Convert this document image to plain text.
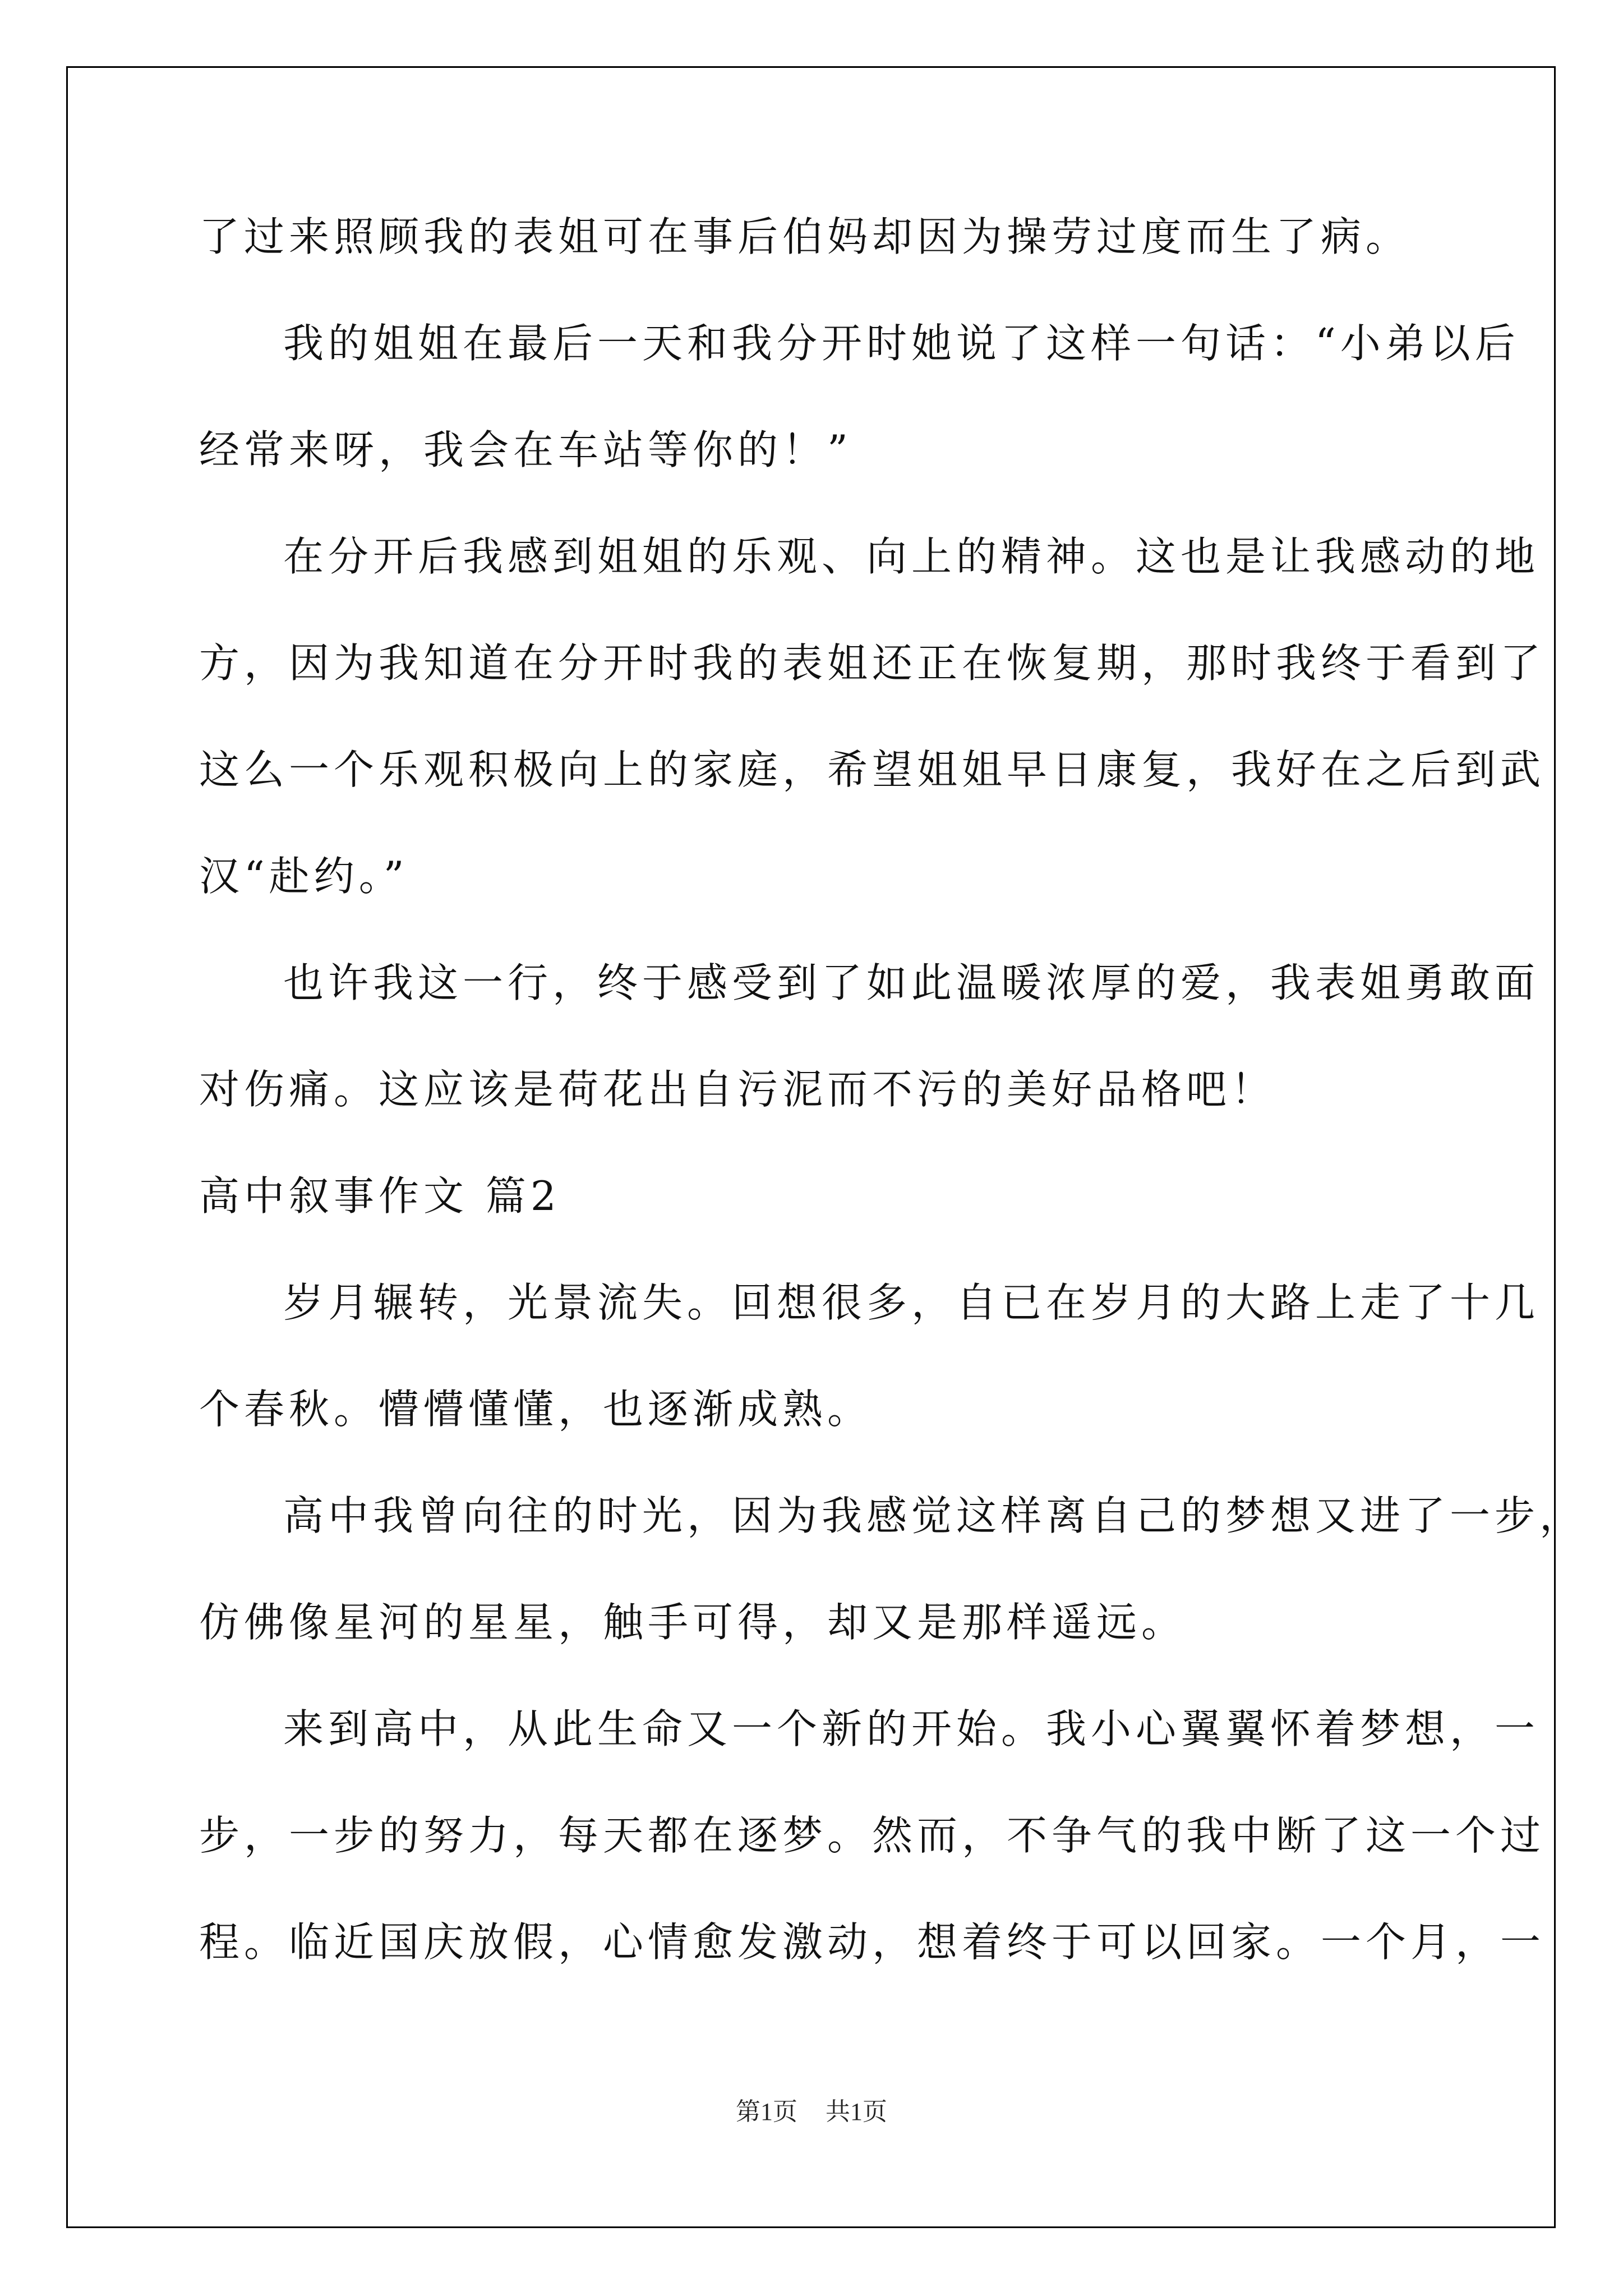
了过来照顾我的表姐可在事后伯妈却因为操劳过度而生了病。
我的姐姐在最后一天和我分开时她说了这样一句话：“小弟以后
经常来呀，我会在车站等你的！”
在分开后我感到姐姐的乐观、向上的精神。这也是让我感动的地
方，因为我知道在分开时我的表姐还正在恢复期，那时我终于看到了
这么一个乐观积极向上的家庭，希望姐姐早日康复，我好在之后到武
汉“赴约。”
也许我这一行，终于感受到了如此温暖浓厚的爱，我表姐勇敢面
对伤痛。这应该是荷花出自污泥而不污的美好品格吧！
高中叙事作文 篇2
岁月辗转，光景流失。回想很多，自已在岁月的大路上走了十几
个春秋。懵懵懂懂，也逐渐成熟。
高中我曾向往的时光，因为我感觉这样离自己的梦想又进了一步，
仿佛像星河的星星，触手可得，却又是那样遥远。
来到高中，从此生命又一个新的开始。我小心翼翼怀着梦想，一
步，一步的努力，每天都在逐梦。然而，不争气的我中断了这一个过
程。临近国庆放假，心情愈发激动，想着终于可以回家。一个月，一
第1页 共1页
